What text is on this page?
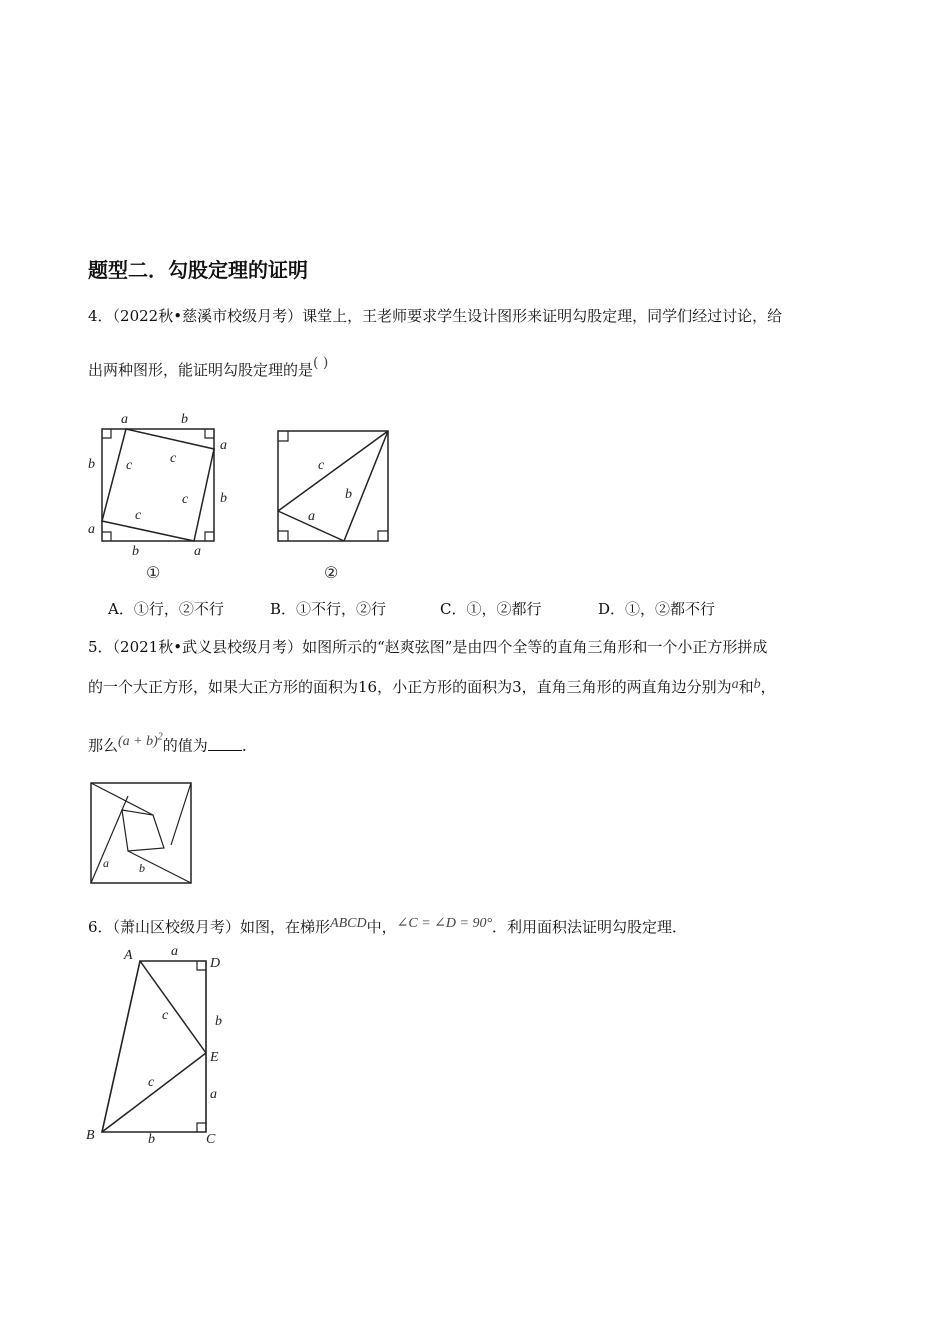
题型二．勾股定理的证明
4．（2022秋•慈溪市校级月考）课堂上，王老师要求学生设计图形来证明勾股定理，同学们经过讨论，给
出两种图形，能证明勾股定理的是( )
a	b
a
b
b
a
b	a
c	c
c
c
①
c
b
a
②
A．①行，②不行	B．①不行，②行	C．①，②都行	D．①，②都不行
5．（2021秋•武义县校级月考）如图所示的“赵爽弦图”是由四个全等的直角三角形和一个小正方形拼成
的一个大正方形，如果大正方形的面积为16，小正方形的面积为3，直角三角形的两直角边分别为a和b，
那么$(a + b)^2$的值为 ．
a	b
6．（萧山区校级月考）如图，在梯形ABCD中，∠C = ∠D = 90°．利用面积法证明勾股定理．
A
D
E
B	C
a
b
a
b
c
c
